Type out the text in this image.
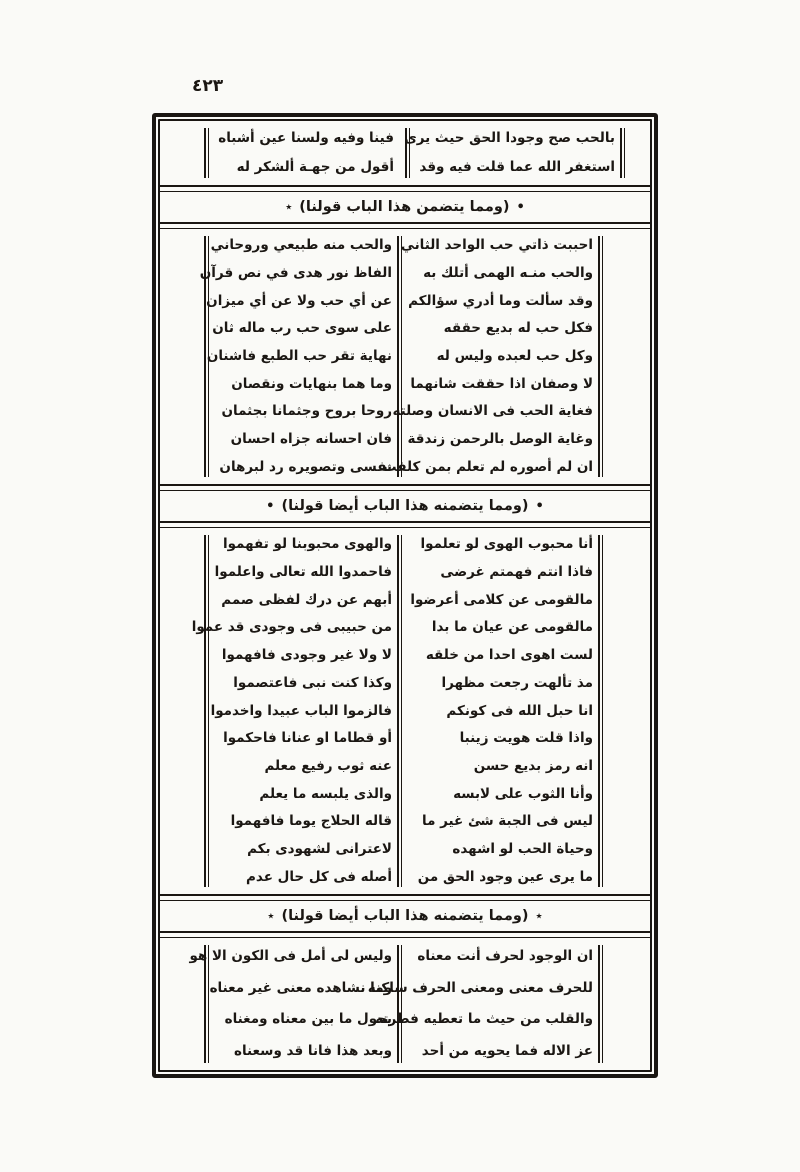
٤٢٣
بالحب صح وجودا الحق حيث يرى
استغفر الله عما قلت فيه وقد
فينا وفيه ولسنا عين أشباه
أقول من جهـة ألشكر له
٭ (ومما يتضمن هذا الباب قولنا) •
احببت ذاتي حب الواحد الثاني
والحب منـه الهمى أتلك به
وقد سألت وما أدري سؤالكم
فكل حب له بديع حققه
وكل حب لعبده وليس له
لا وصفان اذا حققت شانهما
فغاية الحب فى الانسان وصلته
وغاية الوصل بالرحمن زندقة
ان لم أصوره لم تعلم بمن كلفت
والحب منه طبيعي وروحاني
الفاظ نور هدى في نص قرآن
عن أي حب ولا عن أي ميزان
على سوى حب رب ماله ثان
نهاية تقر حب الطبع فاشنان
وما هما بنهايات ونقصان
روحا بروح وجثمانا بجثمان
فان احسانه جزاه احسان
نفسى وتصويره رد لبرهان
• (ومما يتضمنه هذا الباب أيضا قولنا) •
أنا محبوب الهوى لو تعلموا
فاذا انتم فهمتم غرضى
مالقومى عن كلامى أعرضوا
مالقومى عن عيان ما بدا
لست اهوى احدا من خلقه
مذ تألهت رجعت مظهرا
انا حبل الله فى كونكم
واذا قلت هويت زينبا
انه رمز بديع حسن
وأنا الثوب على لابسه
ليس فى الجبة شئ غير ما
وحياة الحب لو اشهده
ما يرى عين وجود الحق من
والهوى محبوبنا لو تفهموا
فاحمدوا الله تعالى واعلموا
أبهم عن درك لفظى صمم
من حبيبى فى وجودى قد عموا
لا ولا غير وجودى فافهموا
وكذا كنت نبى فاعتصموا
فالزموا الباب عبيدا واخدموا
أو قطاما او عنانا فاحكموا
عنه ثوب رفيع معلم
والذى يلبسه ما يعلم
قاله الحلاج يوما فافهموا
لاعترانى لشهودى بكم
أصله فى كل حال عدم
٭ (ومما يتضمنه هذا الباب أيضا قولنا) ٭
ان الوجود لحرف أنت معناه
للحرف معنى ومعنى الحرف ساكنه
والقلب من حيث ما تعطيه فطرته
عز الاله فما يحويه من أحد
وليس لى أمل فى الكون الا هو
وما نشاهده معنى غير معناه
يحول ما بين معناه ومغناه
وبعد هذا فانا قد وسعناه
